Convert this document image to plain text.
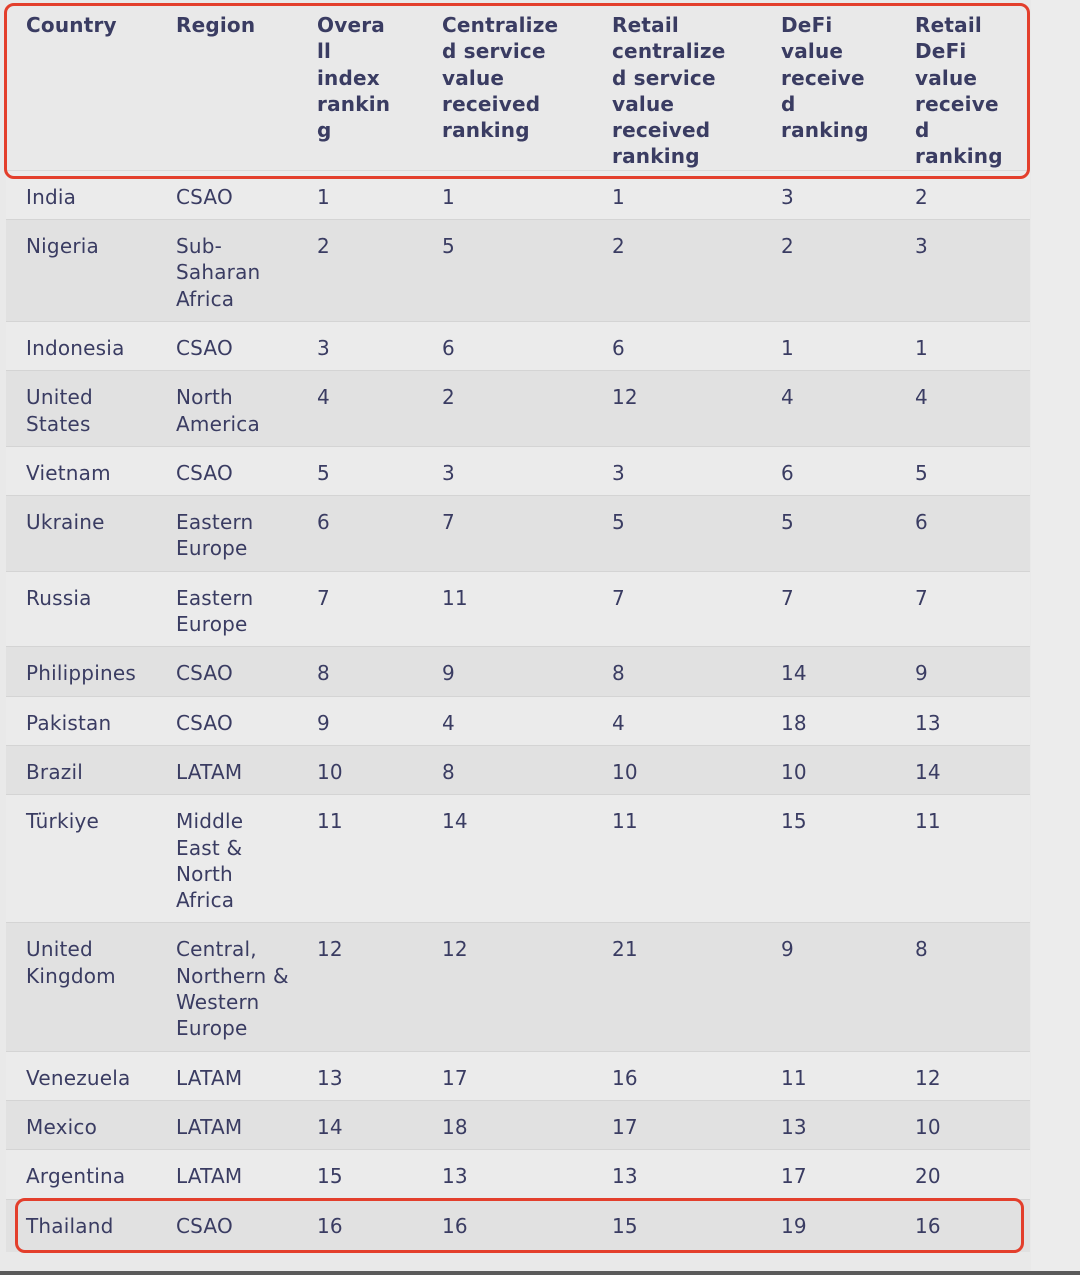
Country	Region	Overall index ranking	Centralized service value received ranking	Retail centralized service value received ranking	DeFi value received ranking	Retail DeFi value received ranking

India	CSAO	1	1	1	3	2

Nigeria	Sub-Saharan Africa	2	5	2	2	3

Indonesia	CSAO	3	6	6	1	1

United States	North America	4	2	12	4	4

Vietnam	CSAO	5	3	3	6	5

Ukraine	Eastern Europe	6	7	5	5	6

Russia	Eastern Europe	7	11	7	7	7

Philippines	CSAO	8	9	8	14	9

Pakistan	CSAO	9	4	4	18	13

Brazil	LATAM	10	8	10	10	14

Türkiye	Middle East & North Africa	11	14	11	15	11

United Kingdom	Central, Northern & Western Europe	12	12	21	9	8

Venezuela	LATAM	13	17	16	11	12

Mexico	LATAM	14	18	17	13	10

Argentina	LATAM	15	13	13	17	20

Thailand	CSAO	16	16	15	19	16
